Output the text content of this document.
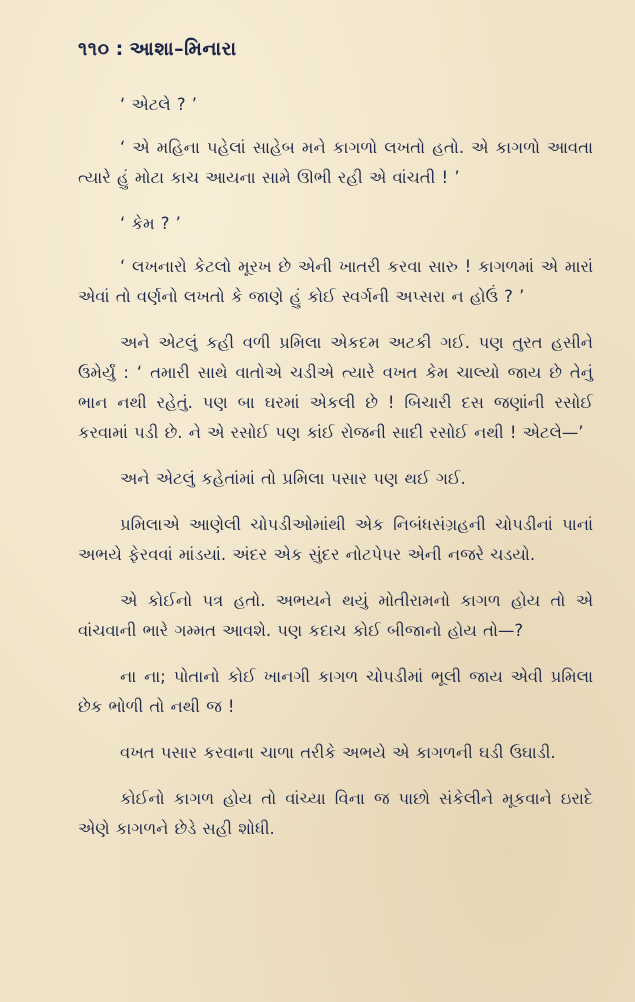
૧૧૦ : આશા–મિનારા

‘ એટલે ? ’

‘ એ મહિના પહેલાં સાહેબ મને કાગળો લખતો હતો. એ કાગળો આવતા ત્યારે હું મોટા કાચ આયના સામે ઊભી રહી એ વાંચતી ! ’

‘ કેમ ? ’

‘ લખનારો કેટલો મૂરખ છે એની ખાતરી કરવા સારુ ! કાગળમાં એ મારાં એવાં તો વર્ણનો લખતો કે જાણે હું કોઈ સ્વર્ગની અપ્સરા ન હોઉં ? ’

અને એટલું કહી વળી પ્રમિલા એકદમ અટકી ગઈ. પણ તુરત હસીને ઉમેર્યું : ‘ તમારી સાથે વાતોએ ચડીએ ત્યારે વખત કેમ ચાલ્યો જાય છે તેનું ભાન નથી રહેતું. પણ બા ઘરમાં એકલી છે ! બિચારી દસ જણાંની રસોઈ કરવામાં પડી છે. ને એ રસોઈ પણ કાંઈ રોજની સાદી રસોઈ નથી ! એટલે—’

અને એટલું કહેતાંમાં તો પ્રમિલા પસાર પણ થઈ ગઈ.

પ્રમિલાએ આણેલી ચોપડીઓમાંથી એક નિબંધસંગ્રહની ચોપડીનાં પાનાં અભયે ફેરવવાં માંડયાં. અંદર એક સુંદર નોટપેપર એની નજરે ચડયો.

એ કોઈનો પત્ર હતો. અભયને થયું મોતીરામનો કાગળ હોય તો એ વાંચવાની ભારે ગમ્મત આવશે. પણ કદાચ કોઈ બીજાનો હોય તો—?

ના ના; પોતાનો કોઈ ખાનગી કાગળ ચોપડીમાં ભૂલી જાય એવી પ્રમિલા છેક ભોળી તો નથી જ !

વખત પસાર કરવાના ચાળા તરીકે અભયે એ કાગળની ઘડી ઉઘાડી.

કોઈનો કાગળ હોય તો વાંચ્યા વિના જ પાછો સંકેલીને મૂકવાને ઇરાદે એણે કાગળને છેડે સહી શોધી.
